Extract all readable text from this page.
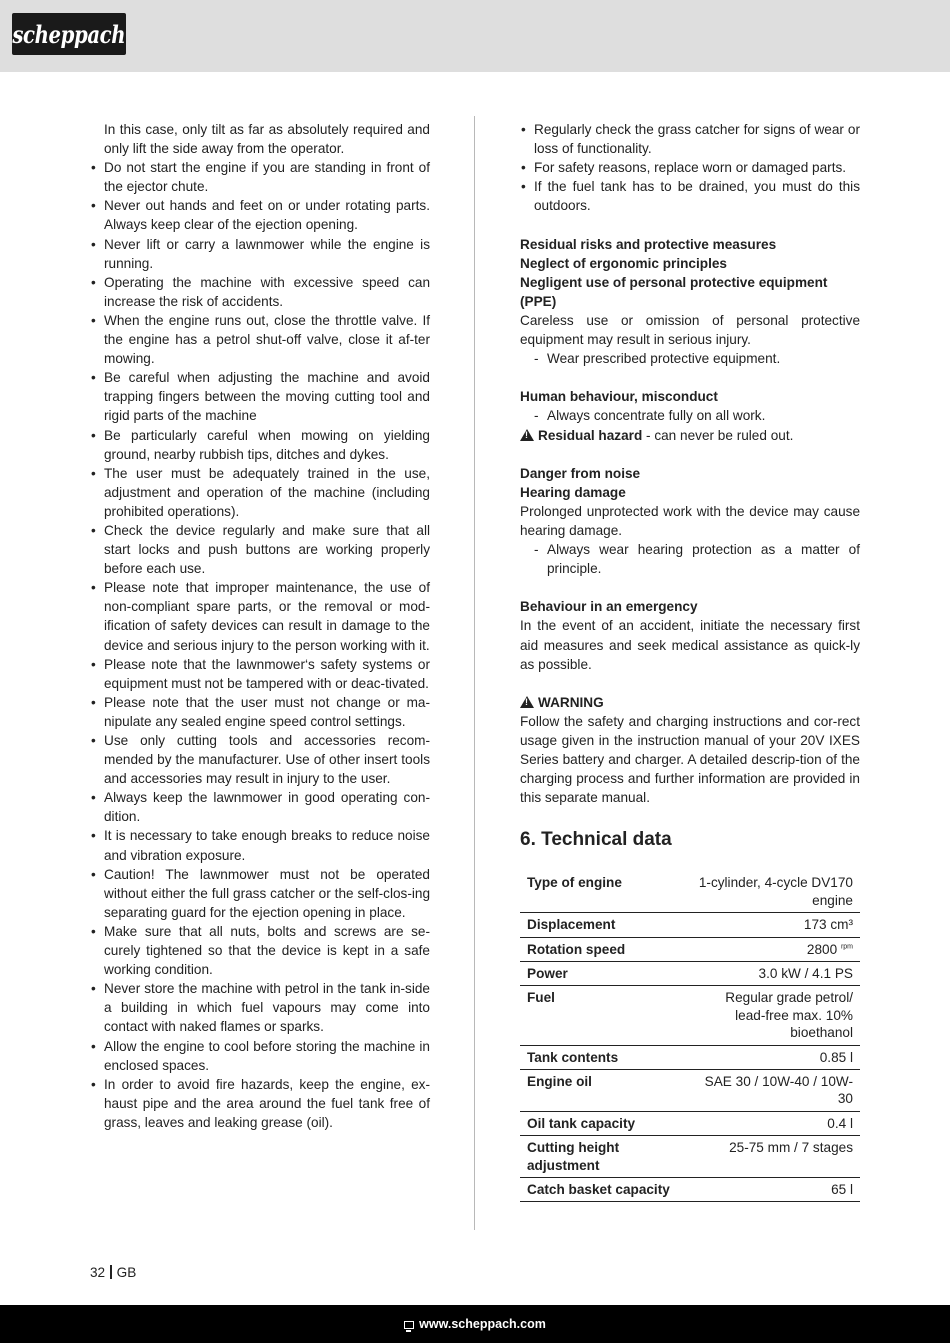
scheppach

In this case, only tilt as far as absolutely required and only lift the side away from the operator.

• Do not start the engine if you are standing in front of the ejector chute.
• Never out hands and feet on or under rotating parts. Always keep clear of the ejection opening.
• Never lift or carry a lawnmower while the engine is running.
• Operating the machine with excessive speed can increase the risk of accidents.
• When the engine runs out, close the throttle valve. If the engine has a petrol shut-off valve, close it af-ter mowing.
• Be careful when adjusting the machine and avoid trapping fingers between the moving cutting tool and rigid parts of the machine
• Be particularly careful when mowing on yielding ground, nearby rubbish tips, ditches and dykes.
• The user must be adequately trained in the use, adjustment and operation of the machine (including prohibited operations).
• Check the device regularly and make sure that all start locks and push buttons are working properly before each use.
• Please note that improper maintenance, the use of non-compliant spare parts, or the removal or mod-ification of safety devices can result in damage to the device and serious injury to the person working with it.
• Please note that the lawnmower‘s safety systems or equipment must not be tampered with or deac-tivated.
• Please note that the user must not change or ma-nipulate any sealed engine speed control settings.
• Use only cutting tools and accessories recom-mended by the manufacturer. Use of other insert tools and accessories may result in injury to the user.
• Always keep the lawnmower in good operating con-dition.
• It is necessary to take enough breaks to reduce noise and vibration exposure.
• Caution! The lawnmower must not be operated without either the full grass catcher or the self-clos-ing separating guard for the ejection opening in place.
• Make sure that all nuts, bolts and screws are se-curely tightened so that the device is kept in a safe working condition.
• Never store the machine with petrol in the tank in-side a building in which fuel vapours may come into contact with naked flames or sparks.
• Allow the engine to cool before storing the machine in enclosed spaces.
• In order to avoid fire hazards, keep the engine, ex-haust pipe and the area around the fuel tank free of grass, leaves and leaking grease (oil).
• Regularly check the grass catcher for signs of wear or loss of functionality.
• For safety reasons, replace worn or damaged parts.
• If the fuel tank has to be drained, you must do this outdoors.

Residual risks and protective measures

Neglect of ergonomic principles

Negligent use of personal protective equipment (PPE)

Careless use or omission of personal protective equipment may result in serious injury.

- Wear prescribed protective equipment.

Human behaviour, misconduct

- Always concentrate fully on all work.

!Residual hazard - can never be ruled out.

Danger from noise

Hearing damage

Prolonged unprotected work with the device may cause hearing damage.

- Always wear hearing protection as a matter of principle.

Behaviour in an emergency

In the event of an accident, initiate the necessary first aid measures and seek medical assistance as quick-ly as possible.

!WARNING

Follow the safety and charging instructions and cor-rect usage given in the instruction manual of your 20V IXES Series battery and charger. A detailed descrip-tion of the charging process and further information are provided in this separate manual.

6. Technical data
Type of engine	1-cylinder, 4-cycle DV170 engine
Displacement	173 cm³
Rotation speed	2800 $^{rpm}$
Power	3.0 kW / 4.1 PS
Fuel	Regular grade petrol/ lead-free max. 10% bioethanol
Tank contents	0.85 l
Engine oil	SAE 30 / 10W-40 / 10W-30
Oil tank capacity	0.4 l
Cutting height adjustment	25-75 mm / 7 stages
Catch basket capacity	65 l
32 GB
www.scheppach.com
